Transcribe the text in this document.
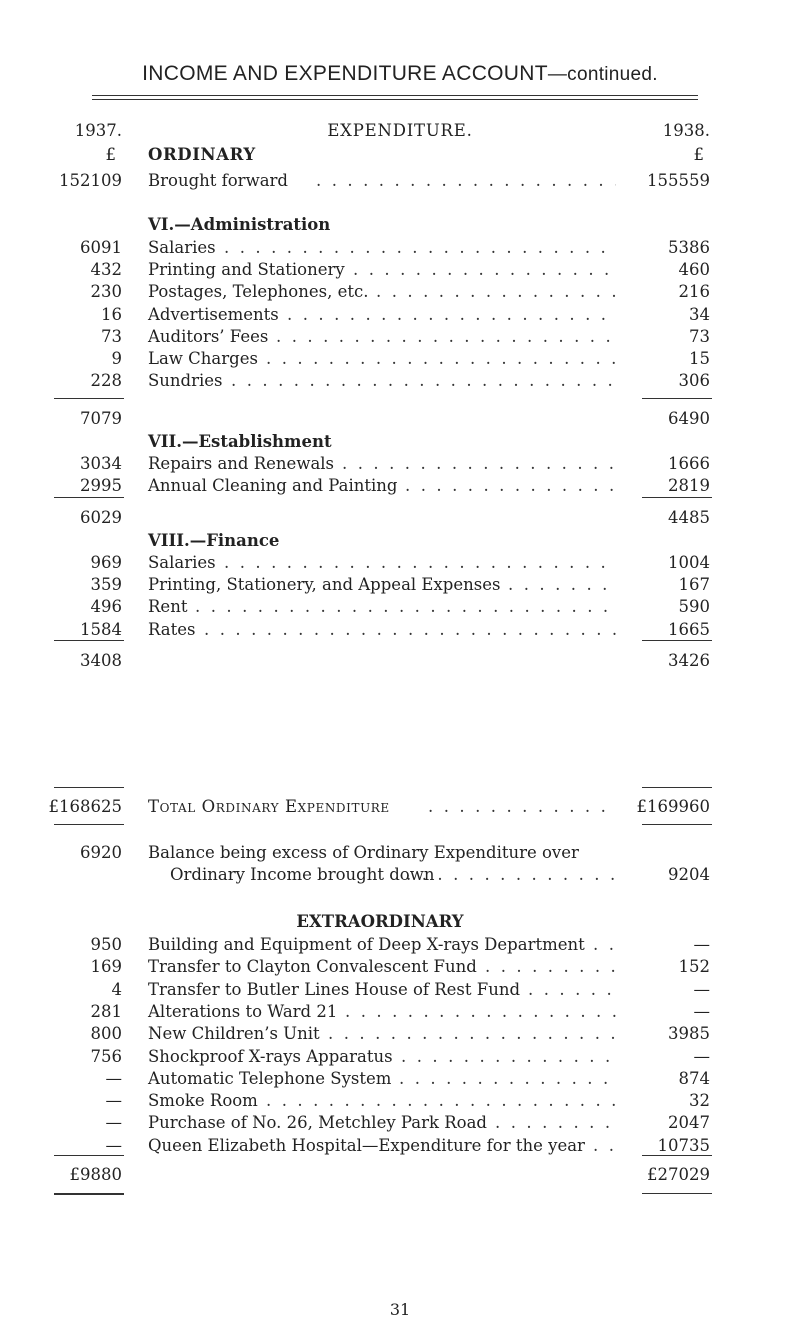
INCOME AND EXPENDITURE ACCOUNT—continued.
1937.	EXPENDITURE.	1938.
£ ORDINARY	£
152109 Brought forward . . .	155559
VI.—Administration
6091 Salaries . . .	5386
432 Printing and Stationery . . .	460
230 Postages, Telephones, etc. . . .	216
16 Advertisements . . .	34
73 Auditors’ Fees . . .	73
9 Law Charges . . .	15
228 Sundries . . .	306
7079	6490
VII.—Establishment
3034 Repairs and Renewals . . .	1666
2995 Annual Cleaning and Painting . . .	2819
6029	4485
VIII.—Finance
969 Salaries . . .	1004
359 Printing, Stationery, and Appeal Expenses . . .	167
496 Rent . . .	590
1584 Rates . . .	1665
3408	3426
£168625 Total Ordinary Expenditure . . .	£169960
6920 Balance being excess of Ordinary Expenditure over
Ordinary Income brought down . . .	9204
EXTRAORDINARY
950 Building and Equipment of Deep X-rays Department . . .	—
169 Transfer to Clayton Convalescent Fund . . .	152
4 Transfer to Butler Lines House of Rest Fund . . .	—
281 Alterations to Ward 21 . . .	—
800 New Children’s Unit . . .	3985
756 Shockproof X-rays Apparatus . . .	—
— Automatic Telephone System . . .	874
— Smoke Room . . .	32
— Purchase of No. 26, Metchley Park Road . . .	2047
— Queen Elizabeth Hospital—Expenditure for the year . . .	10735
£9880	£27029
31
